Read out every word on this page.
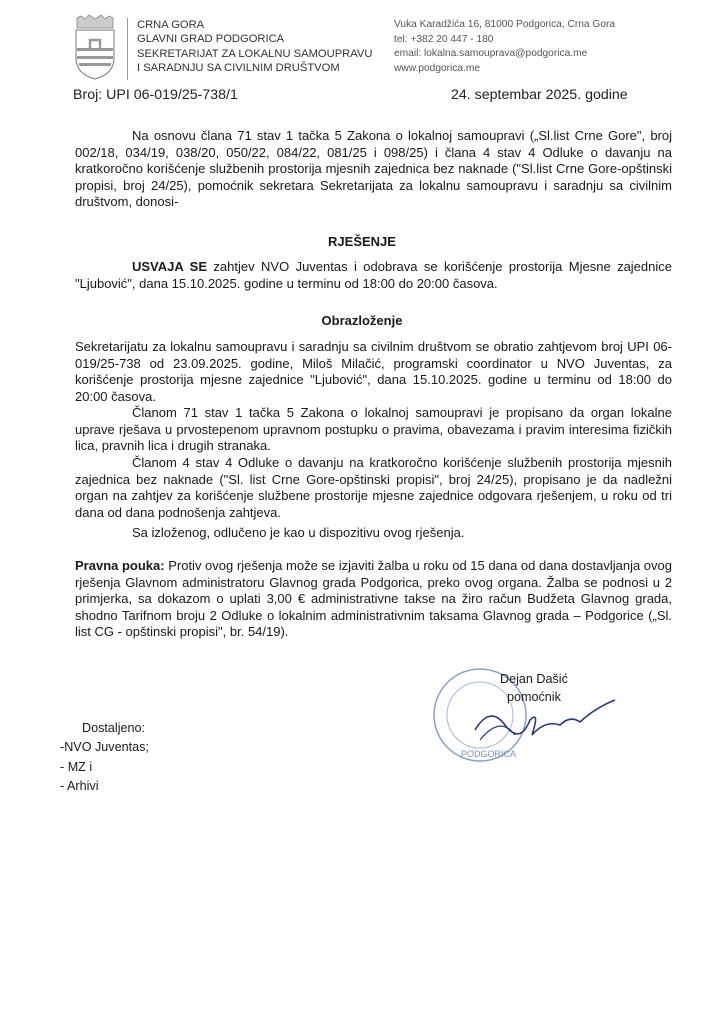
CRNA GORA
GLAVNI GRAD PODGORICA
SEKRETARIJAT ZA LOKALNU SAMOUPRAVU
I SARADNJU SA CIVILNIM DRUŠTVOM
Vuka Karadžića 16, 81000 Podgorica, Crna Gora
tel: +382 20 447 - 180
email: lokalna.samouprava@podgorica.me
www.podgorica.me
Broj: UPI 06-019/25-738/1	24. septembar 2025. godine
Na osnovu člana 71 stav 1 tačka 5 Zakona o lokalnoj samoupravi („Sl.list Crne Gore", broj 002/18, 034/19, 038/20, 050/22, 084/22, 081/25 i 098/25) i člana 4 stav 4 Odluke o davanju na kratkoročno korišćenje službenih prostorija mjesnih zajednica bez naknade ("Sl.list Crne Gore-opštinski propisi, broj 24/25), pomoćnik sekretara Sekretarijata za lokalnu samoupravu i saradnju sa civilnim društvom, donosi-
RJEŠENJE
USVAJA SE zahtjev NVO Juventas i odobrava se korišćenje prostorija Mjesne zajednice "Ljubović", dana 15.10.2025. godine u terminu od 18:00 do 20:00 časova.
Obrazloženje
Sekretarijatu za lokalnu samoupravu i saradnju sa civilnim društvom se obratio zahtjevom broj UPI 06-019/25-738 od 23.09.2025. godine, Miloš Milačić, programski coordinator u NVO Juventas, za korišćenje prostorija mjesne zajednice "Ljubović", dana 15.10.2025. godine u terminu od 18:00 do 20:00 časova.
Članom 71 stav 1 tačka 5 Zakona o lokalnoj samoupravi je propisano da organ lokalne uprave rješava u prvostepenom upravnom postupku o pravima, obavezama i pravim interesima fizičkih lica, pravnih lica i drugih stranaka.
Članom 4 stav 4 Odluke o davanju na kratkoročno korišćenje službenih prostorija mjesnih zajednica bez naknade ("Sl. list Crne Gore-opštinski propisi", broj 24/25), propisano je da nadležni organ na zahtjev za korišćenje službene prostorije mjesne zajednice odgovara rješenjem, u roku od tri dana od dana podnošenja zahtjeva.
Sa izloženog, odlučeno je kao u dispozitivu ovog rješenja.
Pravna pouka: Protiv ovog rješenja može se izjaviti žalba u roku od 15 dana od dana dostavljanja ovog rješenja Glavnom administratoru Glavnog grada Podgorica, preko ovog organa. Žalba se podnosi u 2 primjerka, sa dokazom o uplati 3,00 € administrativne takse na žiro račun Budžeta Glavnog grada, shodno Tarifnom broju 2 Odluke o lokalnim administrativnim taksama Glavnog grada – Podgorice („Sl. list CG - opštinski propisi", br. 54/19).
PODGORICA
Dejan Dašić
pomoćnik
Dostaljeno:
-NVO Juventas;
- MZ i
- Arhivi
